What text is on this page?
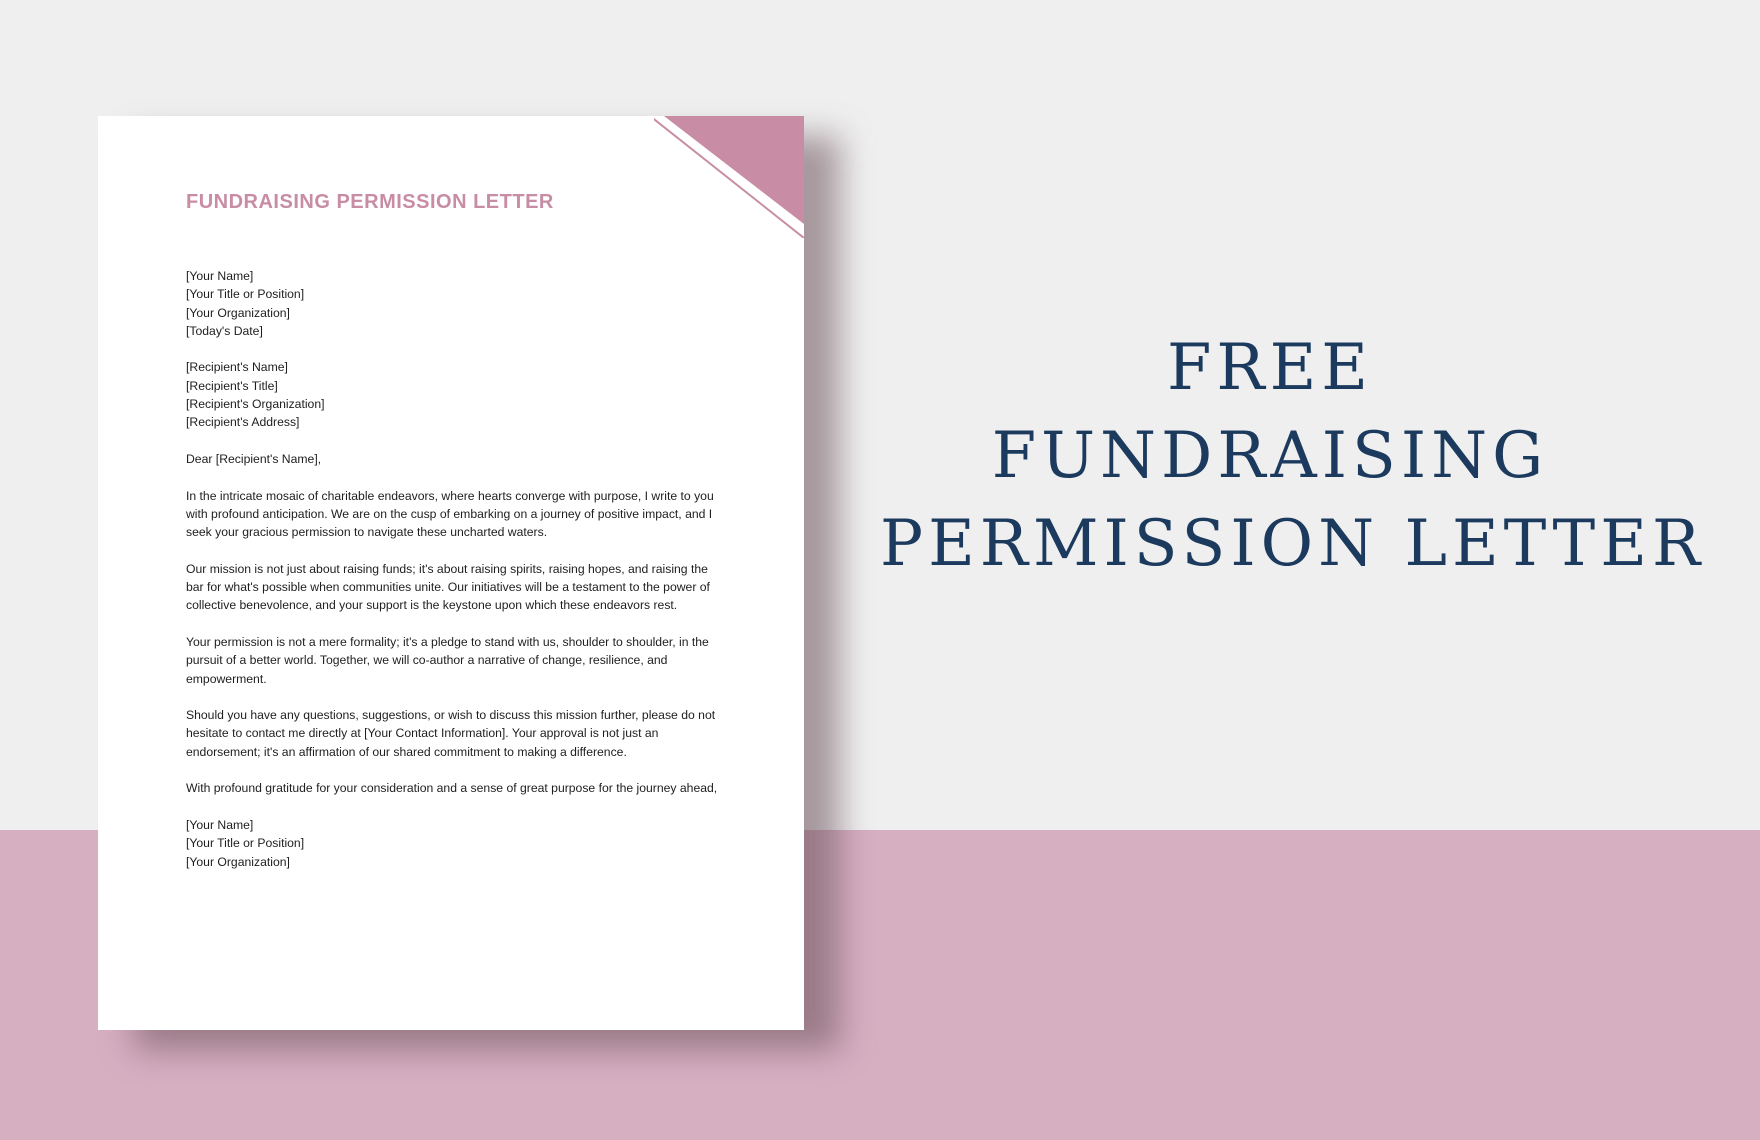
FUNDRAISING PERMISSION LETTER
[Your Name]
[Your Title or Position]
[Your Organization]
[Today's Date]
[Recipient's Name]
[Recipient's Title]
[Recipient's Organization]
[Recipient's Address]

Dear [Recipient's Name],

In the intricate mosaic of charitable endeavors, where hearts converge with purpose, I write to you with profound anticipation. We are on the cusp of embarking on a journey of positive impact, and I seek your gracious permission to navigate these uncharted waters.

Our mission is not just about raising funds; it's about raising spirits, raising hopes, and raising the bar for what's possible when communities unite. Our initiatives will be a testament to the power of collective benevolence, and your support is the keystone upon which these endeavors rest.

Your permission is not a mere formality; it's a pledge to stand with us, shoulder to shoulder, in the pursuit of a better world. Together, we will co-author a narrative of change, resilience, and empowerment.

Should you have any questions, suggestions, or wish to discuss this mission further, please do not hesitate to contact me directly at [Your Contact Information]. Your approval is not just an endorsement; it's an affirmation of our shared commitment to making a difference.

With profound gratitude for your consideration and a sense of great purpose for the journey ahead,

[Your Name]
[Your Title or Position]
[Your Organization]
FREE
FUNDRAISING
PERMISSION LETTER
